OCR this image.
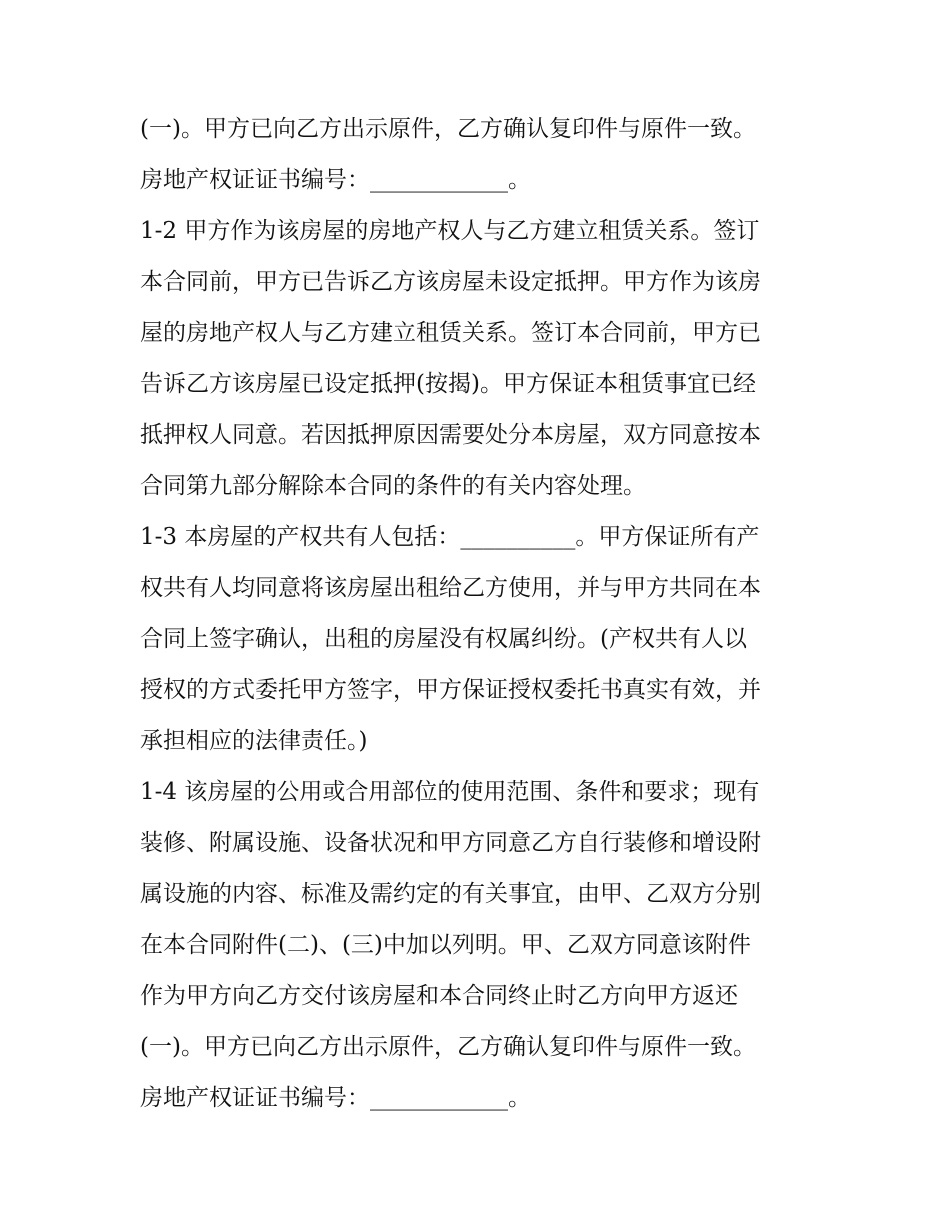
(一)。甲方已向乙方出示原件，乙方确认复印件与原件一致。
房地产权证证书编号：____________。
1-2 甲方作为该房屋的房地产权人与乙方建立租赁关系。签订
本合同前，甲方已告诉乙方该房屋未设定抵押。甲方作为该房
屋的房地产权人与乙方建立租赁关系。签订本合同前，甲方已
告诉乙方该房屋已设定抵押(按揭)。甲方保证本租赁事宜已经
抵押权人同意。若因抵押原因需要处分本房屋，双方同意按本
合同第九部分解除本合同的条件的有关内容处理。
1-3 本房屋的产权共有人包括：__________。甲方保证所有产
权共有人均同意将该房屋出租给乙方使用，并与甲方共同在本
合同上签字确认，出租的房屋没有权属纠纷。(产权共有人以
授权的方式委托甲方签字，甲方保证授权委托书真实有效，并
承担相应的法律责任。)
1-4 该房屋的公用或合用部位的使用范围、条件和要求；现有
装修、附属设施、设备状况和甲方同意乙方自行装修和增设附
属设施的内容、标准及需约定的有关事宜，由甲、乙双方分别
在本合同附件(二)、(三)中加以列明。甲、乙双方同意该附件
作为甲方向乙方交付该房屋和本合同终止时乙方向甲方返还
(一)。甲方已向乙方出示原件，乙方确认复印件与原件一致。
房地产权证证书编号：____________。
